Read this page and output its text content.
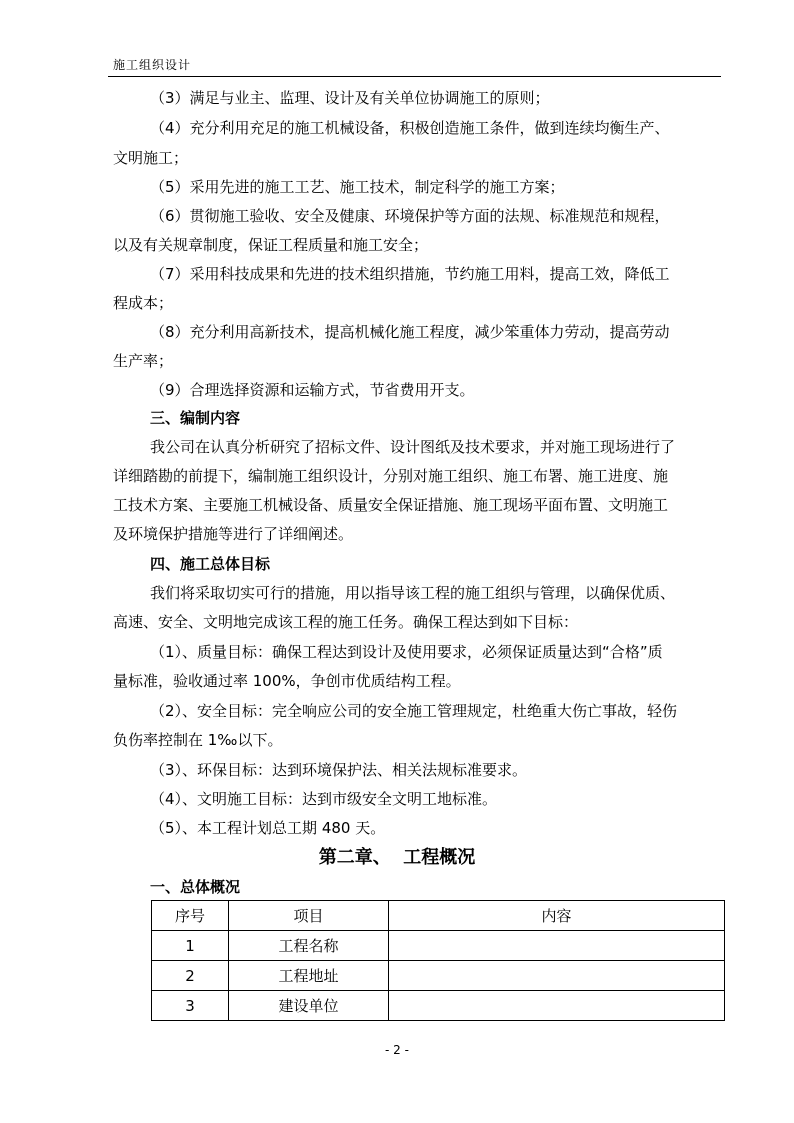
施工组织设计
（3）满足与业主、监理、设计及有关单位协调施工的原则；
（4）充分利用充足的施工机械设备，积极创造施工条件，做到连续均衡生产、
文明施工；
（5）采用先进的施工工艺、施工技术，制定科学的施工方案；
（6）贯彻施工验收、安全及健康、环境保护等方面的法规、标准规范和规程，
以及有关规章制度，保证工程质量和施工安全；
（7）采用科技成果和先进的技术组织措施，节约施工用料，提高工效，降低工
程成本；
（8）充分利用高新技术，提高机械化施工程度，减少笨重体力劳动，提高劳动
生产率；
（9）合理选择资源和运输方式，节省费用开支。
三、编制内容
我公司在认真分析研究了招标文件、设计图纸及技术要求，并对施工现场进行了
详细踏勘的前提下，编制施工组织设计，分别对施工组织、施工布署、施工进度、施
工技术方案、主要施工机械设备、质量安全保证措施、施工现场平面布置、文明施工
及环境保护措施等进行了详细阐述。
四、施工总体目标
我们将采取切实可行的措施，用以指导该工程的施工组织与管理，以确保优质、
高速、安全、文明地完成该工程的施工任务。确保工程达到如下目标：
（1）、质量目标：确保工程达到设计及使用要求，必须保证质量达到“合格”质
量标准，验收通过率 100%，争创市优质结构工程。
（2）、安全目标：完全响应公司的安全施工管理规定，杜绝重大伤亡事故，轻伤
负伤率控制在 1‰以下。
（3）、环保目标：达到环境保护法、相关法规标准要求。
（4）、文明施工目标：达到市级安全文明工地标准。
（5）、本工程计划总工期 480 天。
第二章、  工程概况
一、总体概况
序号	项目	内容
1	工程名称	
2	工程地址	
3	建设单位	
- 2 -
